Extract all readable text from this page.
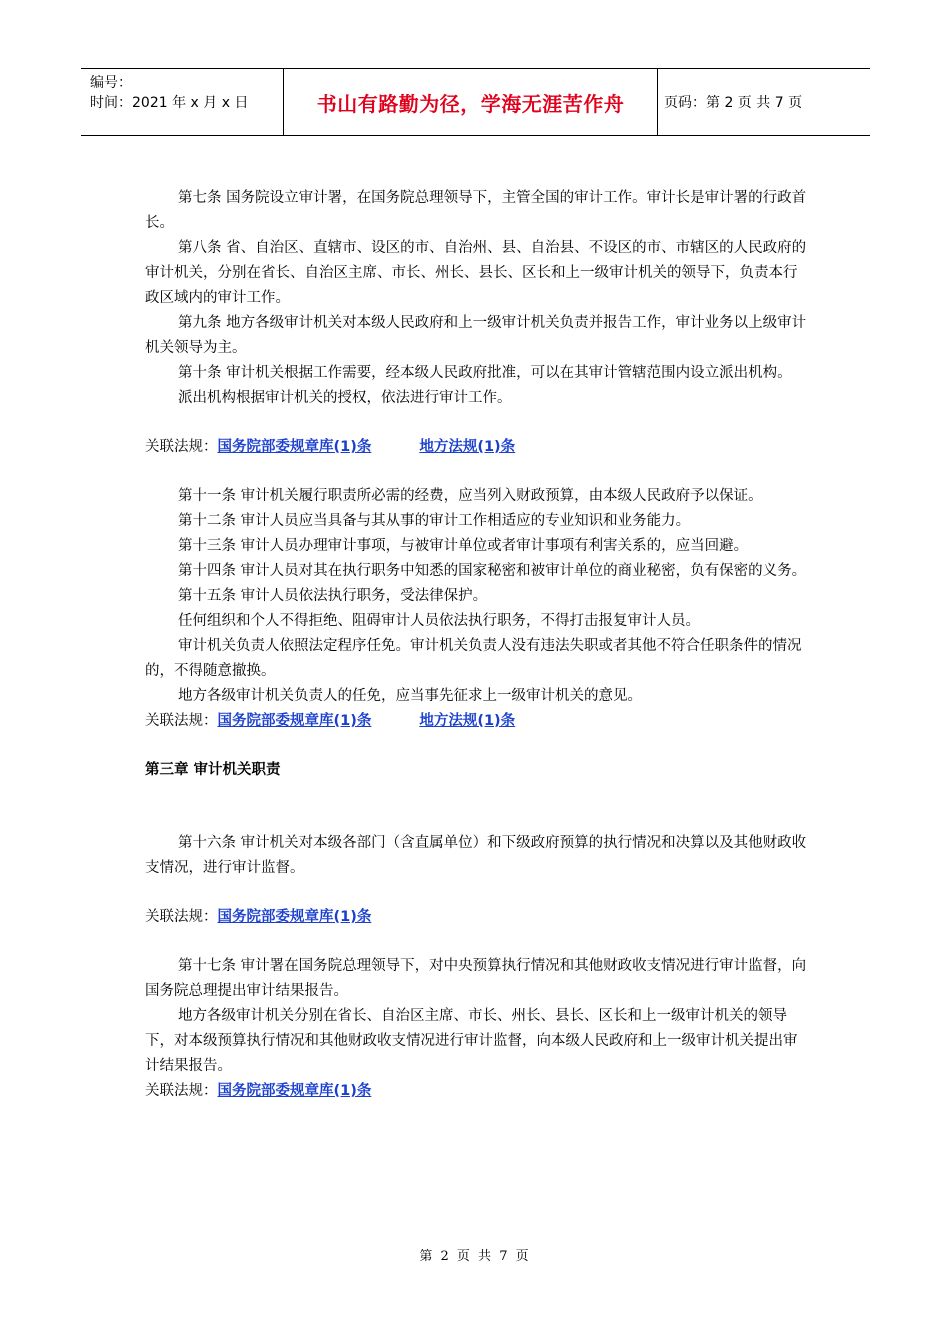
编号：
时间：2021 年 x 月 x 日	书山有路勤为径，学海无涯苦作舟	页码：第 2 页 共 7 页

第七条 国务院设立审计署，在国务院总理领导下，主管全国的审计工作。审计长是审计署的行政首长。

第八条 省、自治区、直辖市、设区的市、自治州、县、自治县、不设区的市、市辖区的人民政府的审计机关，分别在省长、自治区主席、市长、州长、县长、区长和上一级审计机关的领导下，负责本行政区域内的审计工作。

第九条 地方各级审计机关对本级人民政府和上一级审计机关负责并报告工作，审计业务以上级审计机关领导为主。

第十条 审计机关根据工作需要，经本级人民政府批准，可以在其审计管辖范围内设立派出机构。

派出机构根据审计机关的授权，依法进行审计工作。

关联法规：国务院部委规章库(1)条	地方法规(1)条

第十一条 审计机关履行职责所必需的经费，应当列入财政预算，由本级人民政府予以保证。

第十二条 审计人员应当具备与其从事的审计工作相适应的专业知识和业务能力。

第十三条 审计人员办理审计事项，与被审计单位或者审计事项有利害关系的，应当回避。

第十四条 审计人员对其在执行职务中知悉的国家秘密和被审计单位的商业秘密，负有保密的义务。

第十五条 审计人员依法执行职务，受法律保护。

任何组织和个人不得拒绝、阻碍审计人员依法执行职务，不得打击报复审计人员。

审计机关负责人依照法定程序任免。审计机关负责人没有违法失职或者其他不符合任职条件的情况的，不得随意撤换。

地方各级审计机关负责人的任免，应当事先征求上一级审计机关的意见。

关联法规：国务院部委规章库(1)条	地方法规(1)条

第三章 审计机关职责

第十六条 审计机关对本级各部门（含直属单位）和下级政府预算的执行情况和决算以及其他财政收支情况，进行审计监督。

关联法规：国务院部委规章库(1)条

第十七条 审计署在国务院总理领导下，对中央预算执行情况和其他财政收支情况进行审计监督，向国务院总理提出审计结果报告。

地方各级审计机关分别在省长、自治区主席、市长、州长、县长、区长和上一级审计机关的领导下，对本级预算执行情况和其他财政收支情况进行审计监督，向本级人民政府和上一级审计机关提出审计结果报告。

关联法规：国务院部委规章库(1)条

第 2 页 共 7 页
